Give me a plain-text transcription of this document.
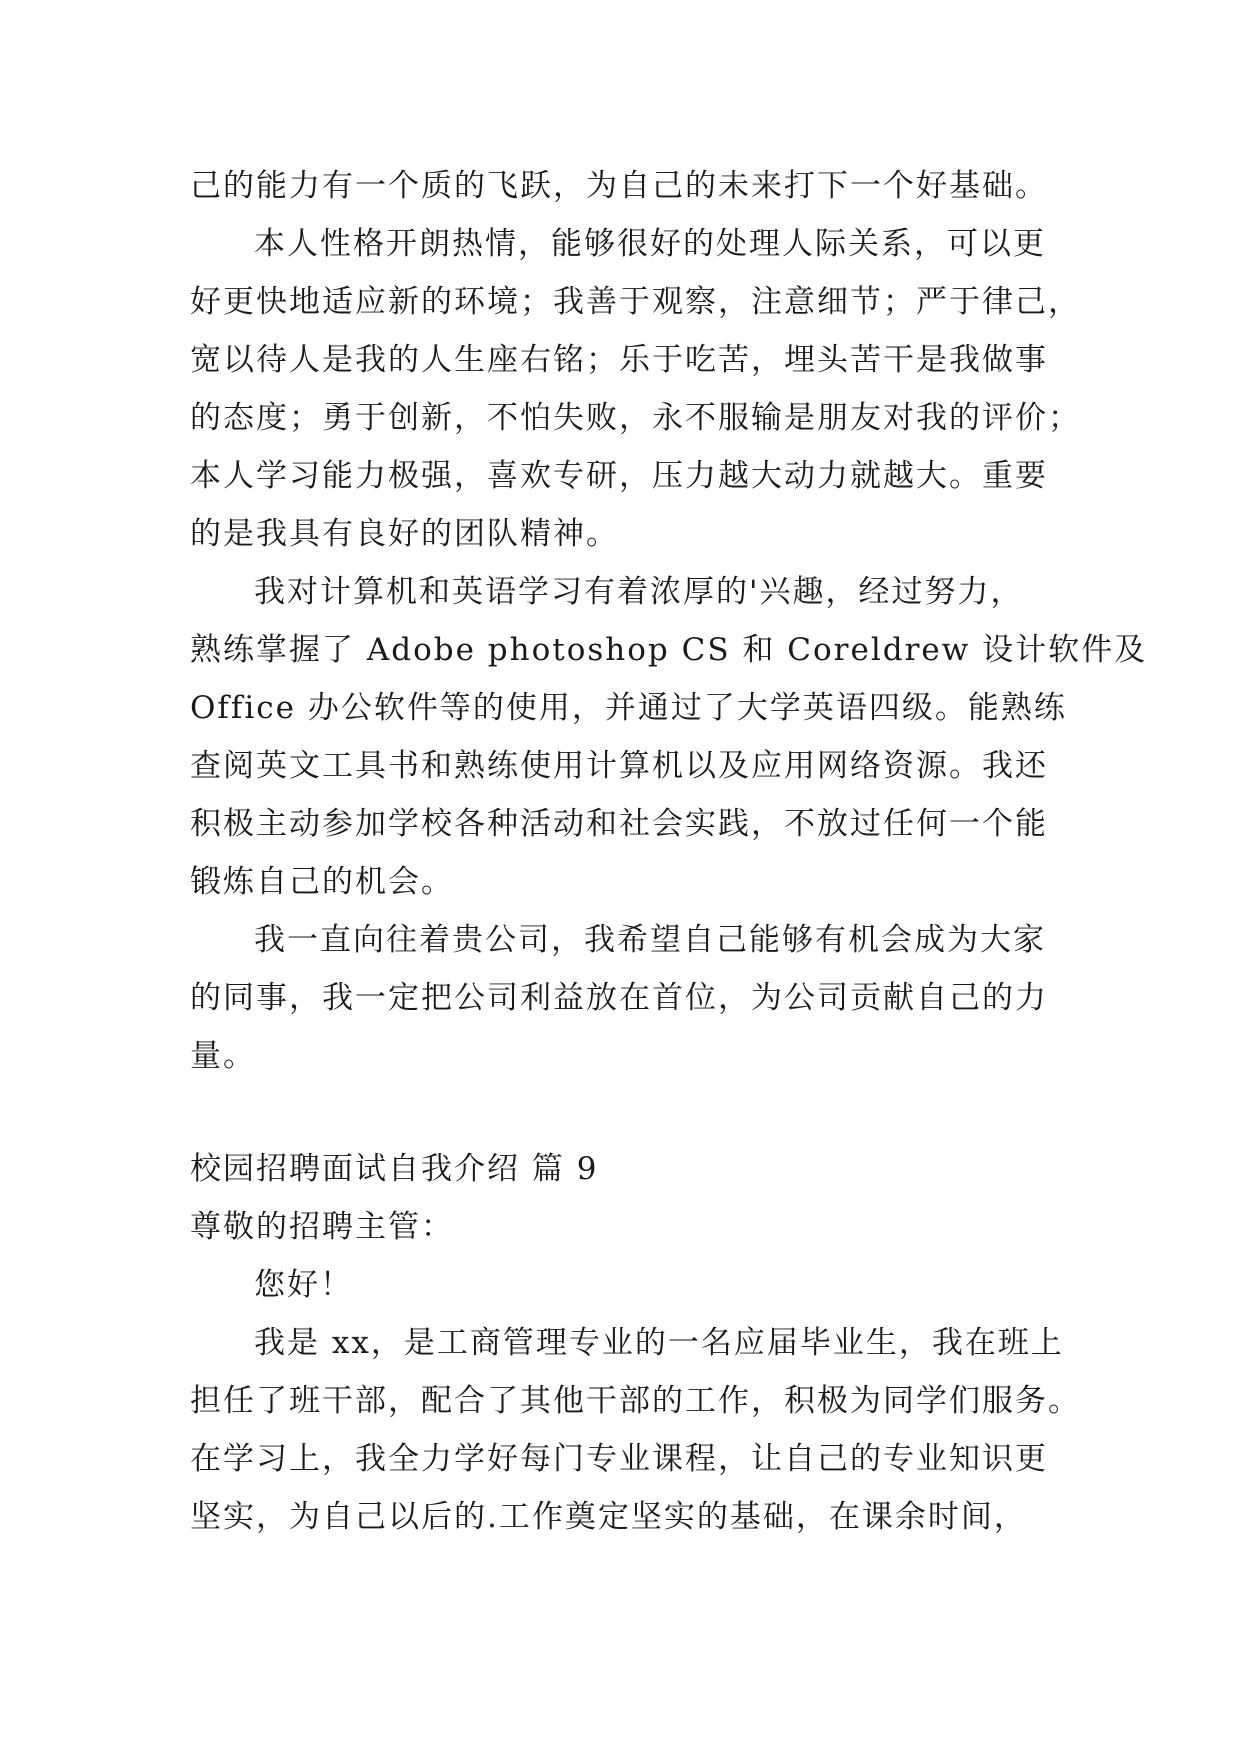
己的能力有一个质的飞跃，为自己的未来打下一个好基础。
本人性格开朗热情，能够很好的处理人际关系，可以更
好更快地适应新的环境；我善于观察，注意细节；严于律己，
宽以待人是我的人生座右铭；乐于吃苦，埋头苦干是我做事
的态度；勇于创新，不怕失败，永不服输是朋友对我的评价；
本人学习能力极强，喜欢专研，压力越大动力就越大。重要
的是我具有良好的团队精神。
我对计算机和英语学习有着浓厚的'兴趣，经过努力，
熟练掌握了 Adobe photoshop CS 和 Coreldrew 设计软件及
Office 办公软件等的使用，并通过了大学英语四级。能熟练
查阅英文工具书和熟练使用计算机以及应用网络资源。我还
积极主动参加学校各种活动和社会实践，不放过任何一个能
锻炼自己的机会。
我一直向往着贵公司，我希望自己能够有机会成为大家
的同事，我一定把公司利益放在首位，为公司贡献自己的力
量。
校园招聘面试自我介绍 篇 9
尊敬的招聘主管：
您好！
我是 xx，是工商管理专业的一名应届毕业生，我在班上
担任了班干部，配合了其他干部的工作，积极为同学们服务。
在学习上，我全力学好每门专业课程，让自己的专业知识更
坚实，为自己以后的.工作奠定坚实的基础，在课余时间，
